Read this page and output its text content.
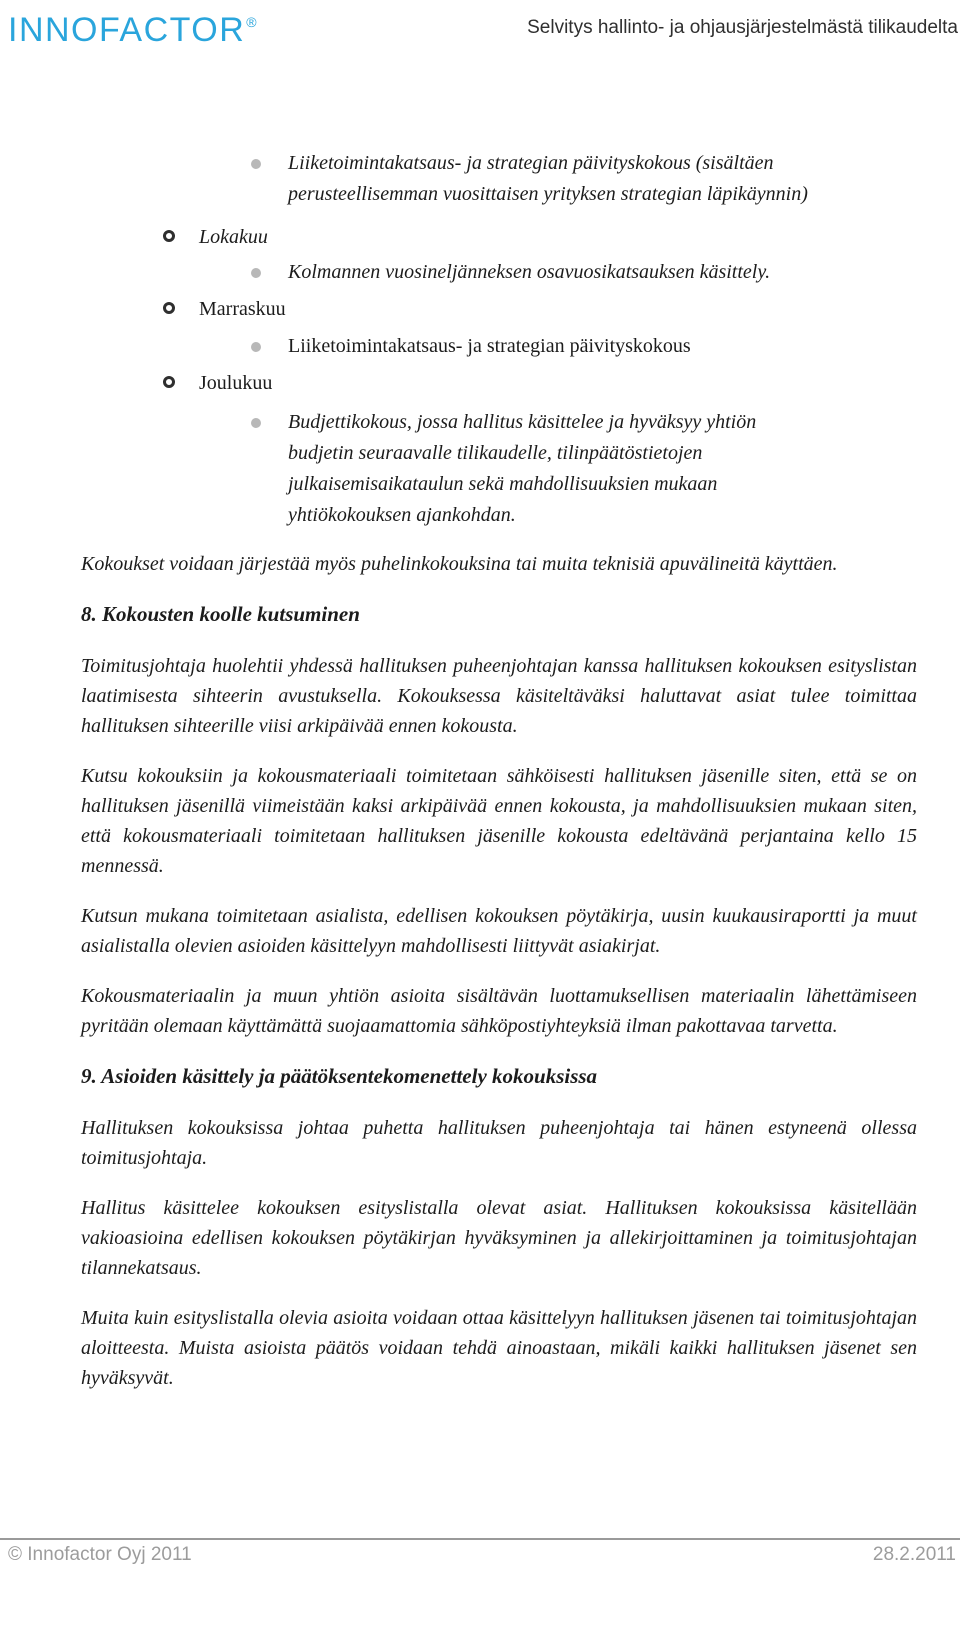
INNOFACTOR®	Selvitys hallinto- ja ohjausjärjestelmästä tilikaudelta
Liiketoimintakatsaus- ja strategian päivityskokous (sisältäen
perusteellisemman vuosittaisen yrityksen strategian läpikäynnin)
Lokakuu
Kolmannen vuosineljänneksen osavuosikatsauksen käsittely.
Marraskuu
Liiketoimintakatsaus- ja strategian päivityskokous
Joulukuu
Budjettikokous, jossa hallitus käsittelee ja hyväksyy yhtiön
budjetin seuraavalle tilikaudelle, tilinpäätöstietojen
julkaisemisaikataulun sekä mahdollisuuksien mukaan
yhtiökokouksen ajankohdan.

Kokoukset voidaan järjestää myös puhelinkokouksina tai muita teknisiä apuvälineitä käyttäen.

8. Kokousten koolle kutsuminen

Toimitusjohtaja huolehtii yhdessä hallituksen puheenjohtajan kanssa hallituksen kokouksen esityslistan laatimisesta sihteerin avustuksella. Kokouksessa käsiteltäväksi haluttavat asiat tulee toimittaa hallituksen sihteerille viisi arkipäivää ennen kokousta.

Kutsu kokouksiin ja kokousmateriaali toimitetaan sähköisesti hallituksen jäsenille siten, että se on hallituksen jäsenillä viimeistään kaksi arkipäivää ennen kokousta, ja mahdollisuuksien mukaan siten, että kokousmateriaali toimitetaan hallituksen jäsenille kokousta edeltävänä perjantaina kello 15 mennessä.

Kutsun mukana toimitetaan asialista, edellisen kokouksen pöytäkirja, uusin kuukausiraportti ja muut asialistalla olevien asioiden käsittelyyn mahdollisesti liittyvät asiakirjat.

Kokousmateriaalin ja muun yhtiön asioita sisältävän luottamuksellisen materiaalin lähettämiseen pyritään olemaan käyttämättä suojaamattomia sähköpostiyhteyksiä ilman pakottavaa tarvetta.

9. Asioiden käsittely ja päätöksentekomenettely kokouksissa

Hallituksen kokouksissa johtaa puhetta hallituksen puheenjohtaja tai hänen estyneenä ollessa toimitusjohtaja.

Hallitus käsittelee kokouksen esityslistalla olevat asiat. Hallituksen kokouksissa käsitellään vakioasioina edellisen kokouksen pöytäkirjan hyväksyminen ja allekirjoittaminen ja toimitusjohtajan tilannekatsaus.

Muita kuin esityslistalla olevia asioita voidaan ottaa käsittelyyn hallituksen jäsenen tai toimitusjohtajan aloitteesta. Muista asioista päätös voidaan tehdä ainoastaan, mikäli kaikki hallituksen jäsenet sen hyväksyvät.

© Innofactor Oyj 2011	28.2.2011
